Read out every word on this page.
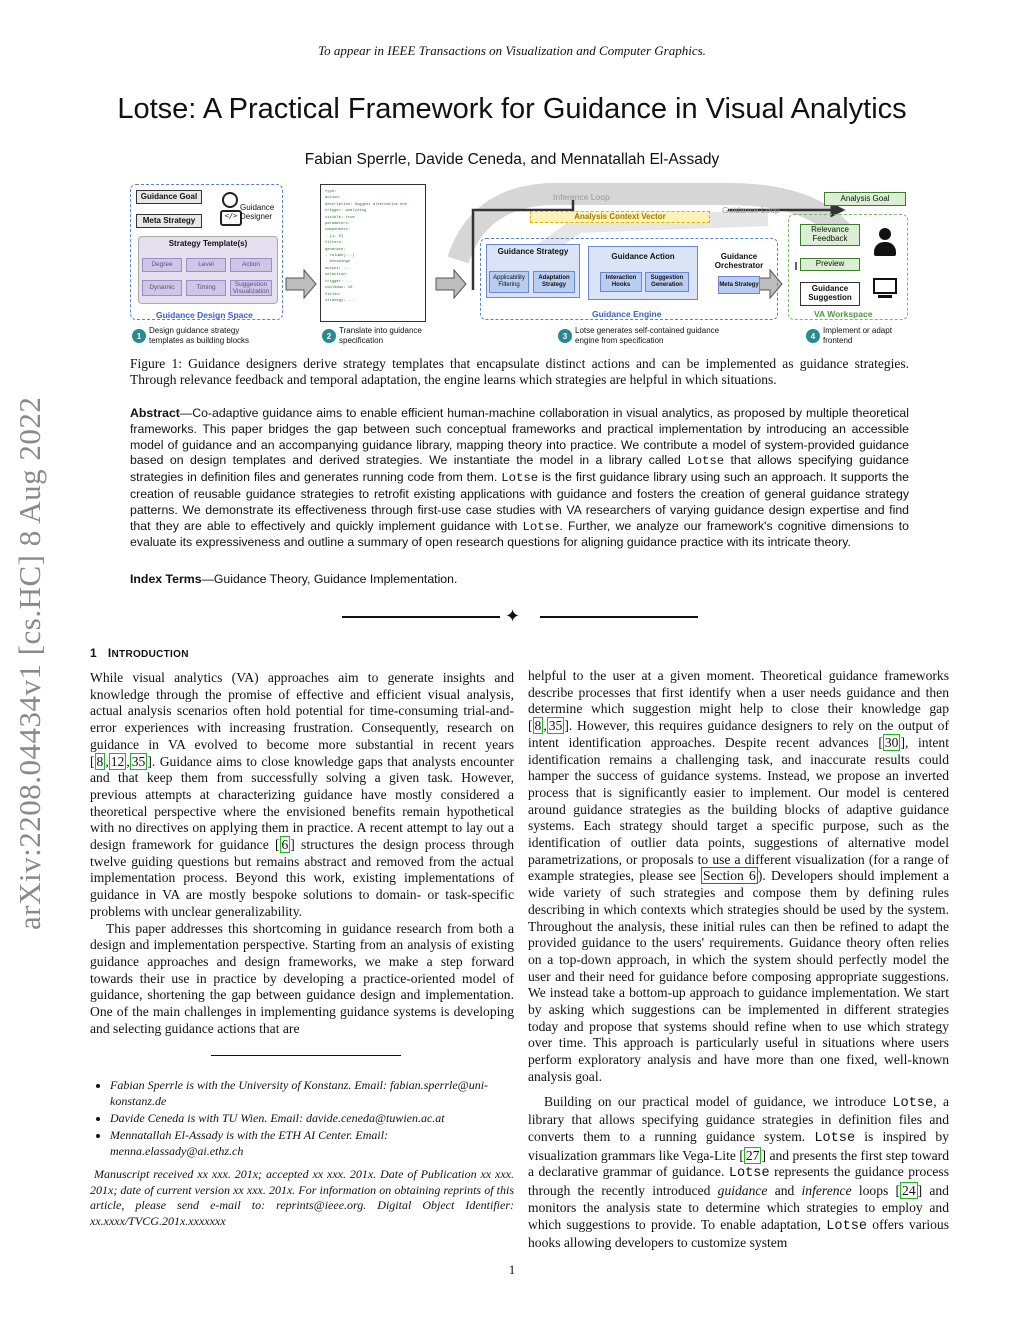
To appear in IEEE Transactions on Visualization and Computer Graphics.
arXiv:2208.04434v1 [cs.HC] 8 Aug 2022
Lotse: A Practical Framework for Guidance in Visual Analytics
Fabian Sperrle, Davide Ceneda, and Mennatallah El-Assady
Guidance Goal
Meta Strategy	</>
Guidance Designer
Strategy Template(s)
Degree	Level	Action
Dynamic	Timing
Suggestion Visualization
Guidance Design Space
type:
action:
description: Suggest alternative enc
trigger: analyzing
visible: true
parameters:
components:
- [1, 0]
filters:
generate:
- column(...)
- encodings
output: ...
selection:
trigger: ...
cooldown: 10
fields:
strategy: ...
Inference Loop
Guidance Loop
Analysis Context Vector
Guidance Strategy
Applicability Filtering
Adaptation Strategy
Guidance Action
Interaction Hooks
Suggestion Generation
Guidance Orchestrator
Meta Strategy
Guidance Engine
Analysis Goal
Relevance Feedback
Preview
Guidance Suggestion
VA Workspace
1
Design guidance strategy templates as building blocks	2
Translate into guidance specification	3
Lotse generates self-contained guidance engine from specification	4
Implement or adapt frontend
Figure 1: Guidance designers derive strategy templates that encapsulate distinct actions and can be implemented as guidance strategies. Through relevance feedback and temporal adaptation, the engine learns which strategies are helpful in which situations.
Abstract—Co-adaptive guidance aims to enable efficient human-machine collaboration in visual analytics, as proposed by multiple theoretical frameworks. This paper bridges the gap between such conceptual frameworks and practical implementation by introducing an accessible model of guidance and an accompanying guidance library, mapping theory into practice. We contribute a model of system-provided guidance based on design templates and derived strategies. We instantiate the model in a library called Lotse that allows specifying guidance strategies in definition files and generates running code from them. Lotse is the first guidance library using such an approach. It supports the creation of reusable guidance strategies to retrofit existing applications with guidance and fosters the creation of general guidance strategy patterns. We demonstrate its effectiveness through first-use case studies with VA researchers of varying guidance design expertise and find that they are able to effectively and quickly implement guidance with Lotse. Further, we analyze our framework's cognitive dimensions to evaluate its expressiveness and outline a summary of open research questions for aligning guidance practice with its intricate theory.
Index Terms—Guidance Theory, Guidance Implementation.
✦
1 INTRODUCTION

While visual analytics (VA) approaches aim to generate insights and knowledge through the promise of effective and efficient visual analysis, actual analysis scenarios often hold potential for time-consuming trial-and-error experiences with increasing frustration. Consequently, research on guidance in VA evolved to become more substantial in recent years [ 8 , 12 , 35 ]. Guidance aims to close knowledge gaps that analysts encounter and that keep them from successfully solving a given task. However, previous attempts at characterizing guidance have mostly considered a theoretical perspective where the envisioned benefits remain hypothetical with no directives on applying them in practice. A recent attempt to lay out a design framework for guidance [ 6 ] structures the design process through twelve guiding questions but remains abstract and removed from the actual implementation process. Beyond this work, existing implementations of guidance in VA are mostly bespoke solutions to domain- or task-specific problems with unclear generalizability.

This paper addresses this shortcoming in guidance research from both a design and implementation perspective. Starting from an analysis of existing guidance approaches and design frameworks, we make a step forward towards their use in practice by developing a practice-oriented model of guidance, shortening the gap between guidance design and implementation. One of the main challenges in implementing guidance systems is developing and selecting guidance actions that are

helpful to the user at a given moment. Theoretical guidance frameworks describe processes that first identify when a user needs guidance and then determine which suggestion might help to close their knowledge gap [ 8 , 35 ]. However, this requires guidance designers to rely on the output of intent identification approaches. Despite recent advances [ 30 ], intent identification remains a challenging task, and inaccurate results could hamper the success of guidance systems. Instead, we propose an inverted process that is significantly easier to implement. Our model is centered around guidance strategies as the building blocks of adaptive guidance systems. Each strategy should target a specific purpose, such as the identification of outlier data points, suggestions of alternative model parametrizations, or proposals to use a different visualization (for a range of example strategies, please see Section 6 ). Developers should implement a wide variety of such strategies and compose them by defining rules describing in which contexts which strategies should be used by the system. Throughout the analysis, these initial rules can then be refined to adapt the provided guidance to the users' requirements. Guidance theory often relies on a top-down approach, in which the system should perfectly model the user and their need for guidance before composing appropriate suggestions. We instead take a bottom-up approach to guidance implementation. We start by asking which suggestions can be implemented in different strategies today and propose that systems should refine when to use which strategy over time. This approach is particularly useful in situations where users perform exploratory analysis and have more than one fixed, well-known analysis goal.

Building on our practical model of guidance, we introduce Lotse, a library that allows specifying guidance strategies in definition files and converts them to a running guidance system. Lotse is inspired by visualization grammars like Vega-Lite [ 27 ] and presents the first step toward a declarative grammar of guidance. Lotse represents the guidance process through the recently introduced guidance and inference loops [ 24 ] and monitors the analysis state to determine which strategies to employ and which suggestions to provide. To enable adaptation, Lotse offers various hooks allowing developers to customize system

• Fabian Sperrle is with the University of Konstanz. Email: fabian.sperrle@uni-konstanz.de
• Davide Ceneda is with TU Wien. Email: davide.ceneda@tuwien.ac.at
• Mennatallah El-Assady is with the ETH AI Center. Email: menna.elassady@ai.ethz.ch
Manuscript received xx xxx. 201x; accepted xx xxx. 201x. Date of Publication xx xxx. 201x; date of current version xx xxx. 201x. For information on obtaining reprints of this article, please send e-mail to: reprints@ieee.org. Digital Object Identifier: xx.xxxx/TVCG.201x.xxxxxxx
1
